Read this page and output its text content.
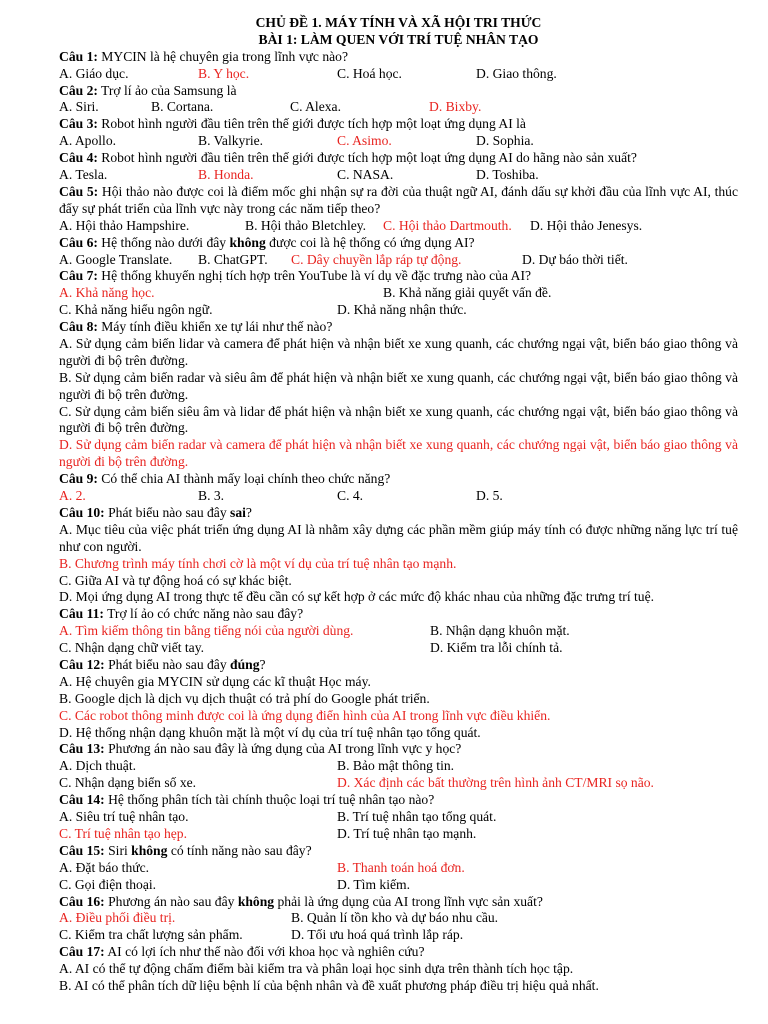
CHỦ ĐỀ 1. MÁY TÍNH VÀ XÃ HỘI TRI THỨC
BÀI 1: LÀM QUEN VỚI TRÍ TUỆ NHÂN TẠO
Câu 1: MYCIN là hệ chuyên gia trong lĩnh vực nào?
A. Giáo dục.	B. Y học.	C. Hoá học.	D. Giao thông.
Câu 2: Trợ lí ảo của Samsung là
A. Siri.	B. Cortana.	C. Alexa.	D. Bixby.
Câu 3: Robot hình người đầu tiên trên thế giới được tích hợp một loạt ứng dụng AI là
A. Apollo.	B. Valkyrie.	C. Asimo.	D. Sophia.
Câu 4: Robot hình người đầu tiên trên thế giới được tích hợp một loạt ứng dụng AI do hãng nào sản xuất?
A. Tesla.	B. Honda.	C. NASA.	D. Toshiba.
Câu 5: Hội thảo nào được coi là điểm mốc ghi nhận sự ra đời của thuật ngữ AI, đánh dấu sự khởi đầu của lĩnh vực AI, thúc đẩy sự phát triển của lĩnh vực này trong các năm tiếp theo?
A. Hội thảo Hampshire.	B. Hội thảo Bletchley. C. Hội thảo Dartmouth. D. Hội thảo Jenesys.
Câu 6: Hệ thống nào dưới đây không được coi là hệ thống có ứng dụng AI?
A. Google Translate. B. ChatGPT. C. Dây chuyền lắp ráp tự động.	D. Dự báo thời tiết.
Câu 7: Hệ thống khuyến nghị tích hợp trên YouTube là ví dụ về đặc trưng nào của AI?
A. Khả năng học.	B. Khả năng giải quyết vấn đề.
C. Khả năng hiểu ngôn ngữ.	D. Khả năng nhận thức.
Câu 8: Máy tính điều khiển xe tự lái như thế nào?
A. Sử dụng cảm biến lidar và camera để phát hiện và nhận biết xe xung quanh, các chướng ngại vật, biển báo giao thông và người đi bộ trên đường.
B. Sử dụng cảm biến radar và siêu âm để phát hiện và nhận biết xe xung quanh, các chướng ngại vật, biển báo giao thông và người đi bộ trên đường.
C. Sử dụng cảm biến siêu âm và lidar để phát hiện và nhận biết xe xung quanh, các chướng ngại vật, biển báo giao thông và người đi bộ trên đường.
D. Sử dụng cảm biến radar và camera để phát hiện và nhận biết xe xung quanh, các chướng ngại vật, biển báo giao thông và người đi bộ trên đường.
Câu 9: Có thể chia AI thành mấy loại chính theo chức năng?
A. 2.	B. 3.	C. 4.	D. 5.
Câu 10: Phát biểu nào sau đây sai?
A. Mục tiêu của việc phát triển ứng dụng AI là nhằm xây dựng các phần mềm giúp máy tính có được những năng lực trí tuệ như con người.
B. Chương trình máy tính chơi cờ là một ví dụ của trí tuệ nhân tạo mạnh.
C. Giữa AI và tự động hoá có sự khác biệt.
D. Mọi ứng dụng AI trong thực tế đều cần có sự kết hợp ở các mức độ khác nhau của những đặc trưng trí tuệ.
Câu 11: Trợ lí ảo có chức năng nào sau đây?
A. Tìm kiếm thông tin bằng tiếng nói của người dùng.	B. Nhận dạng khuôn mặt.
C. Nhận dạng chữ viết tay.	D. Kiểm tra lỗi chính tả.
Câu 12: Phát biểu nào sau đây đúng?
A. Hệ chuyên gia MYCIN sử dụng các kĩ thuật Học máy.
B. Google dịch là dịch vụ dịch thuật có trả phí do Google phát triển.
C. Các robot thông minh được coi là ứng dụng điển hình của AI trong lĩnh vực điều khiển.
D. Hệ thống nhận dạng khuôn mặt là một ví dụ của trí tuệ nhân tạo tổng quát.
Câu 13: Phương án nào sau đây là ứng dụng của AI trong lĩnh vực y học?
A. Dịch thuật.	B. Bảo mật thông tin.
C. Nhận dạng biển số xe.	D. Xác định các bất thường trên hình ảnh CT/MRI sọ não.
Câu 14: Hệ thống phân tích tài chính thuộc loại trí tuệ nhân tạo nào?
A. Siêu trí tuệ nhân tạo.	B. Trí tuệ nhân tạo tổng quát.
C. Trí tuệ nhân tạo hẹp.	D. Trí tuệ nhân tạo mạnh.
Câu 15: Siri không có tính năng nào sau đây?
A. Đặt báo thức.	B. Thanh toán hoá đơn.
C. Gọi điện thoại.	D. Tìm kiếm.
Câu 16: Phương án nào sau đây không phải là ứng dụng của AI trong lĩnh vực sản xuất?
A. Điều phối điều trị.	B. Quản lí tồn kho và dự báo nhu cầu.
C. Kiểm tra chất lượng sản phẩm.	D. Tối ưu hoá quá trình lắp ráp.
Câu 17: AI có lợi ích như thế nào đối với khoa học và nghiên cứu?
A. AI có thể tự động chấm điểm bài kiểm tra và phân loại học sinh dựa trên thành tích học tập.
B. AI có thể phân tích dữ liệu bệnh lí của bệnh nhân và đề xuất phương pháp điều trị hiệu quả nhất.
